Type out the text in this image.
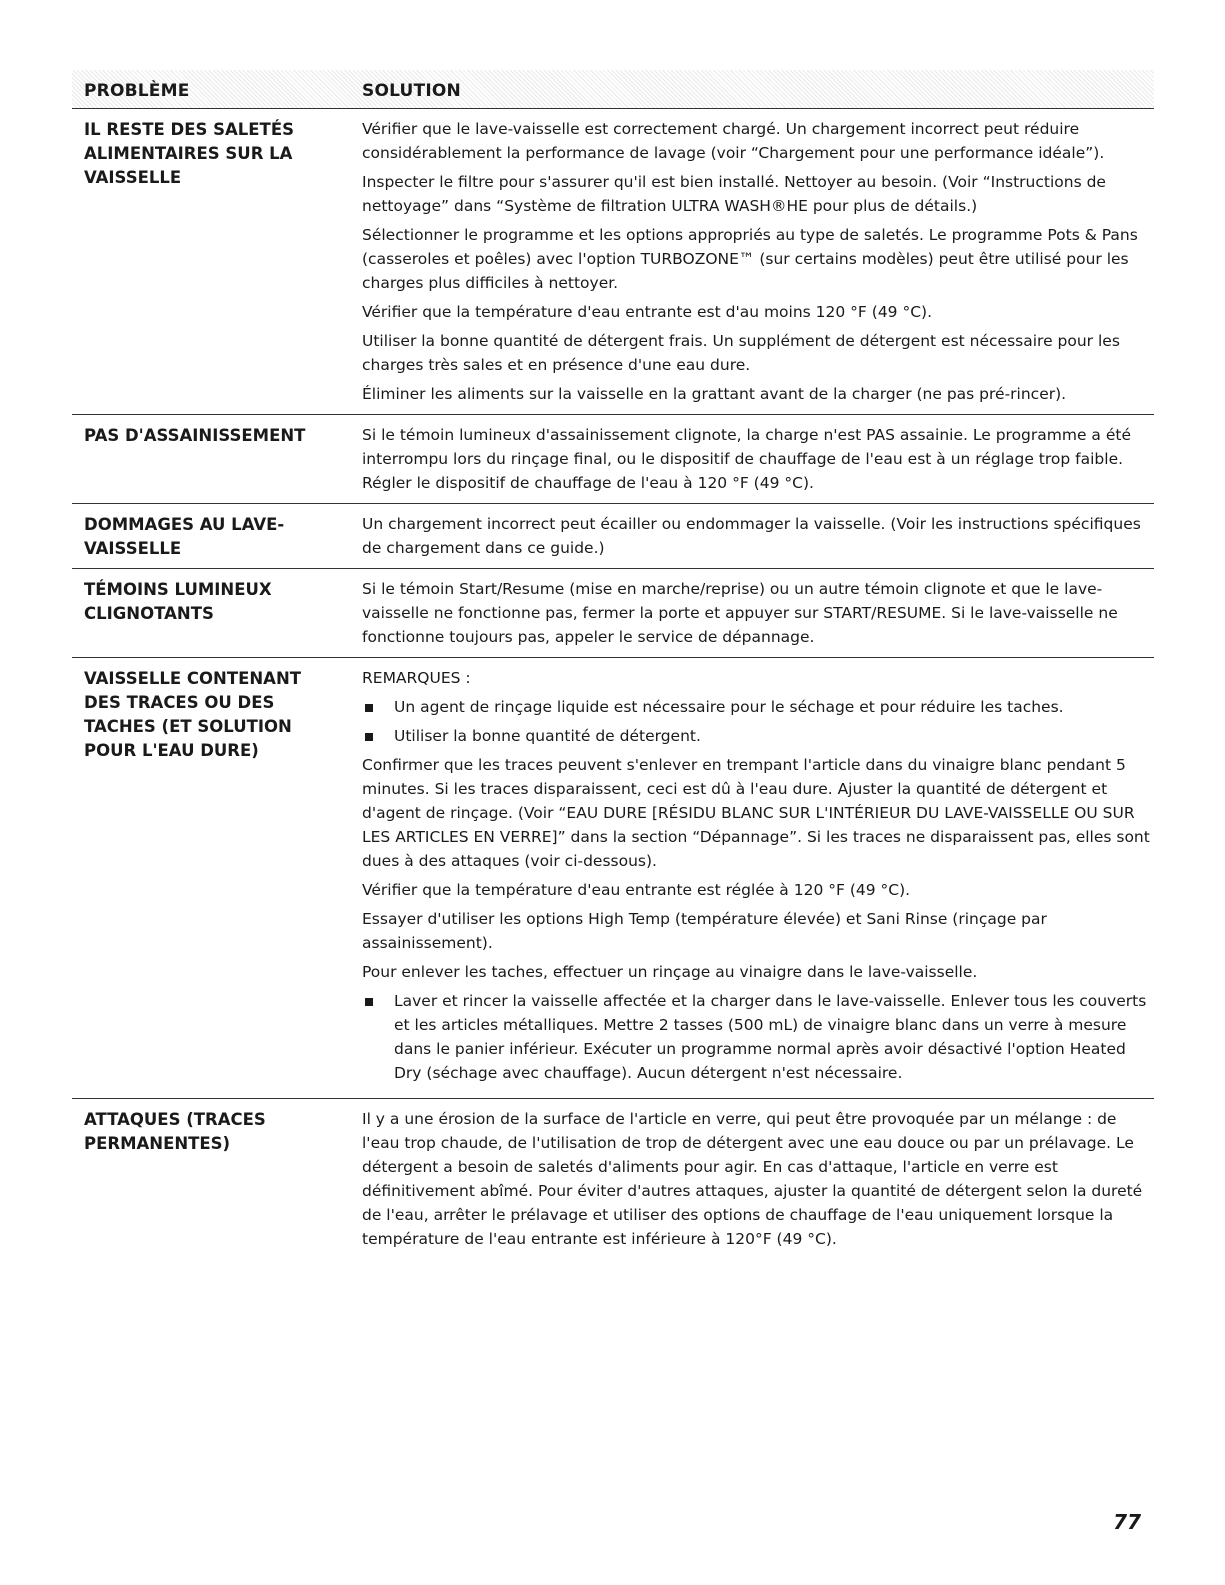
PROBLÈME	SOLUTION
IL RESTE DES SALETÉS ALIMENTAIRES SUR LA VAISSELLE

Vérifier que le lave-vaisselle est correctement chargé. Un chargement incorrect peut réduire considérablement la performance de lavage (voir “Chargement pour une performance idéale”).

Inspecter le filtre pour s'assurer qu'il est bien installé. Nettoyer au besoin. (Voir “Instructions de nettoyage” dans “Système de filtration ULTRA WASH®HE pour plus de détails.)

Sélectionner le programme et les options appropriés au type de saletés. Le programme Pots & Pans (casseroles et poêles) avec l'option TURBOZONE™ (sur certains modèles) peut être utilisé pour les charges plus difficiles à nettoyer.

Vérifier que la température d'eau entrante est d'au moins 120 °F (49 °C).

Utiliser la bonne quantité de détergent frais. Un supplément de détergent est nécessaire pour les charges très sales et en présence d'une eau dure.

Éliminer les aliments sur la vaisselle en la grattant avant de la charger (ne pas pré-rincer).

PAS D'ASSAINISSEMENT	Si le témoin lumineux d'assainissement clignote, la charge n'est PAS assainie. Le programme a été interrompu lors du rinçage final, ou le dispositif de chauffage de l'eau est à un réglage trop faible. Régler le dispositif de chauffage de l'eau à 120 °F (49 °C).

DOMMAGES AU LAVE-VAISSELLE

Un chargement incorrect peut écailler ou endommager la vaisselle. (Voir les instructions spécifiques de chargement dans ce guide.)

TÉMOINS LUMINEUX CLIGNOTANTS

Si le témoin Start/Resume (mise en marche/reprise) ou un autre témoin clignote et que le lave-vaisselle ne fonctionne pas, fermer la porte et appuyer sur START/RESUME. Si le lave-vaisselle ne fonctionne toujours pas, appeler le service de dépannage.

VAISSELLE CONTENANT DES TRACES OU DES TACHES (ET SOLUTION POUR L'EAU DURE)

REMARQUES :

Un agent de rinçage liquide est nécessaire pour le séchage et pour réduire les taches.
Utiliser la bonne quantité de détergent.

Confirmer que les traces peuvent s'enlever en trempant l'article dans du vinaigre blanc pendant 5 minutes. Si les traces disparaissent, ceci est dû à l'eau dure. Ajuster la quantité de détergent et d'agent de rinçage. (Voir “EAU DURE [RÉSIDU BLANC SUR L'INTÉRIEUR DU LAVE-VAISSELLE OU SUR LES ARTICLES EN VERRE]” dans la section “Dépannage”. Si les traces ne disparaissent pas, elles sont dues à des attaques (voir ci-dessous).

Vérifier que la température d'eau entrante est réglée à 120 °F (49 °C).

Essayer d'utiliser les options High Temp (température élevée) et Sani Rinse (rinçage par assainissement).

Pour enlever les taches, effectuer un rinçage au vinaigre dans le lave-vaisselle.

Laver et rincer la vaisselle affectée et la charger dans le lave-vaisselle. Enlever tous les couverts et les articles métalliques. Mettre 2 tasses (500 mL) de vinaigre blanc dans un verre à mesure dans le panier inférieur. Exécuter un programme normal après avoir désactivé l'option Heated Dry (séchage avec chauffage). Aucun détergent n'est nécessaire.
ATTAQUES (TRACES PERMANENTES)

Il y a une érosion de la surface de l'article en verre, qui peut être provoquée par un mélange : de l'eau trop chaude, de l'utilisation de trop de détergent avec une eau douce ou par un prélavage. Le détergent a besoin de saletés d'aliments pour agir. En cas d'attaque, l'article en verre est définitivement abîmé. Pour éviter d'autres attaques, ajuster la quantité de détergent selon la dureté de l'eau, arrêter le prélavage et utiliser des options de chauffage de l'eau uniquement lorsque la température de l'eau entrante est inférieure à 120°F (49 °C).

77
